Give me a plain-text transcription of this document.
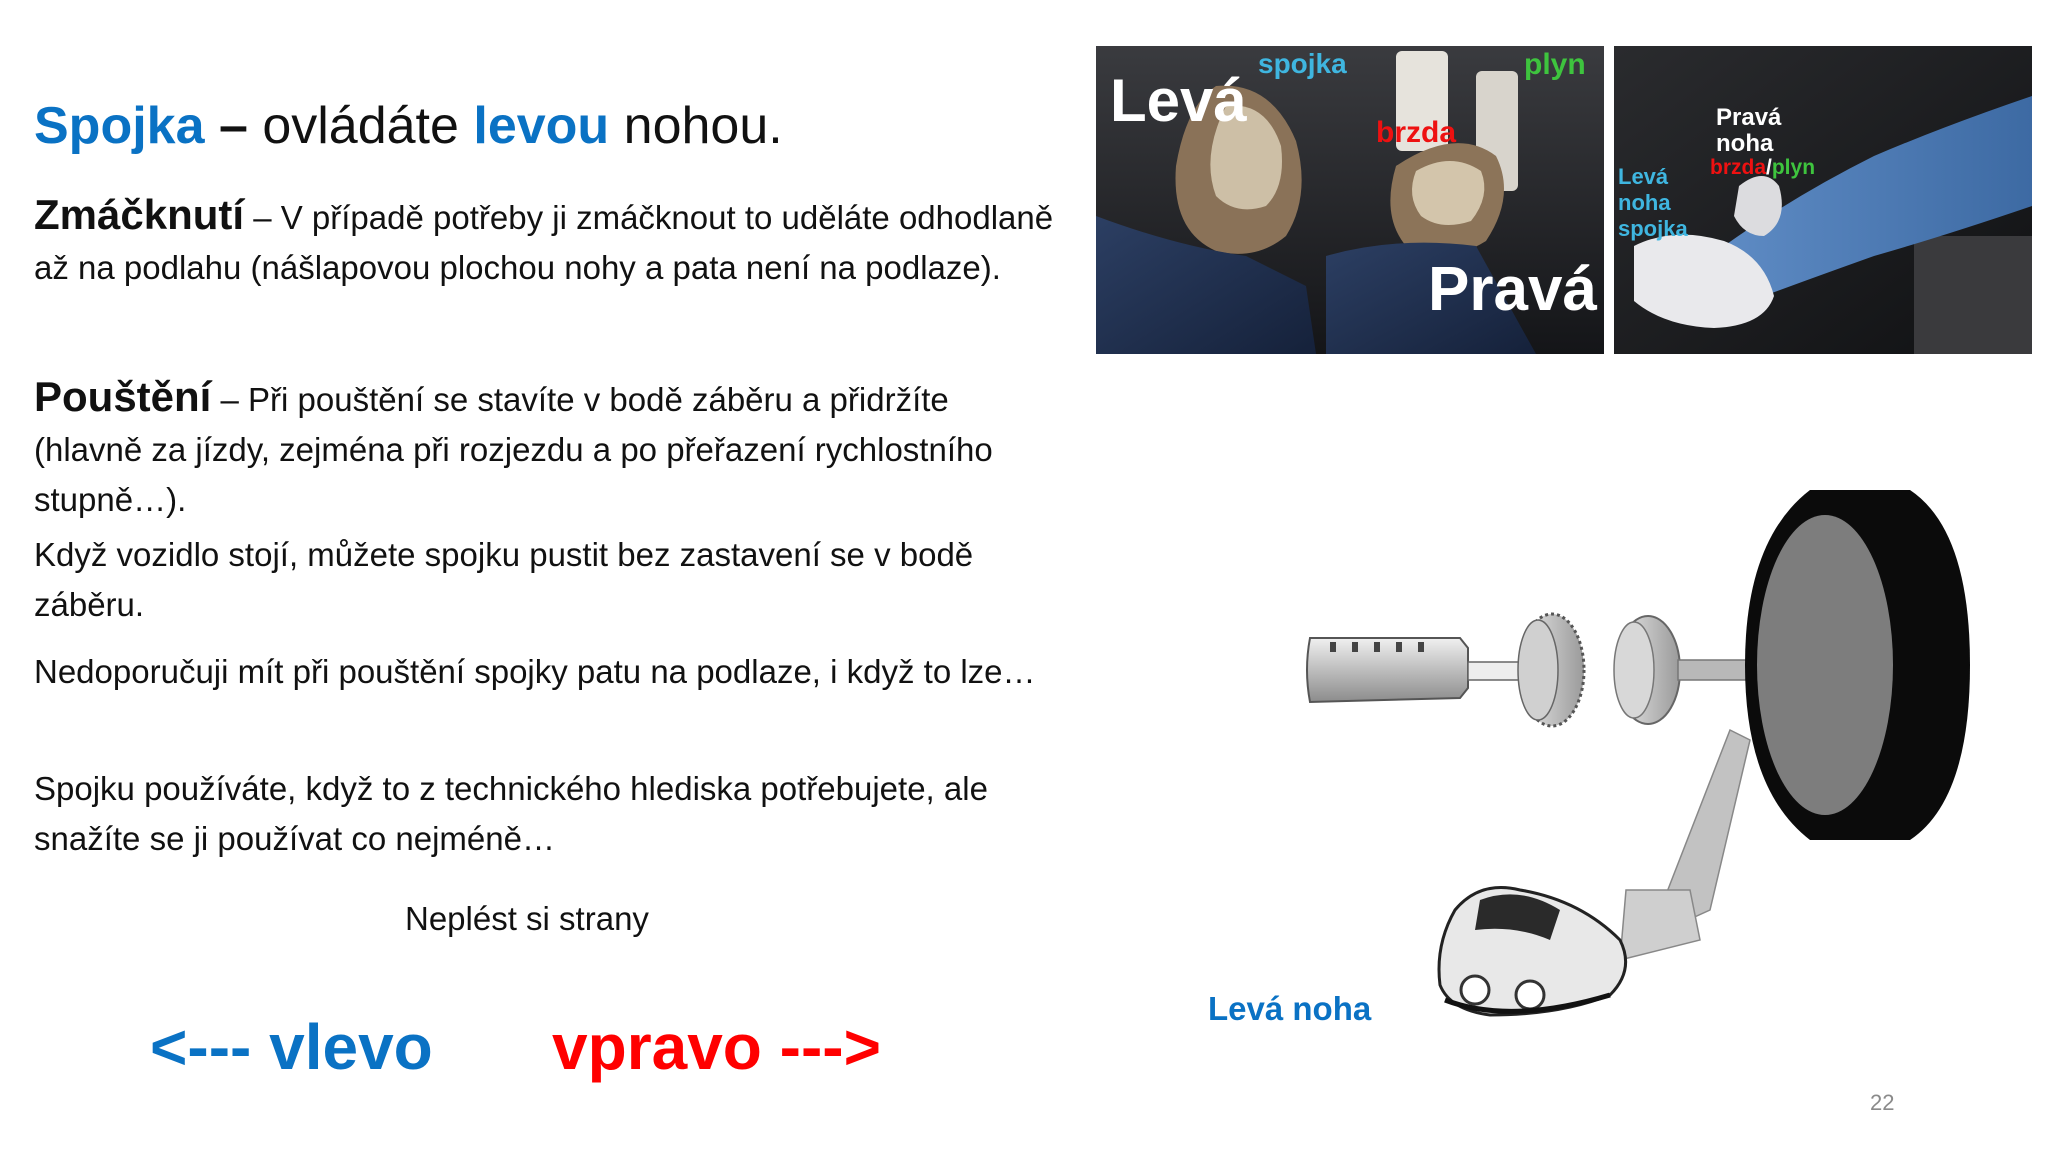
Spojka – ovládáte levou nohou.
Zmáčknutí – V případě potřeby ji zmáčknout to uděláte odhodlaně až na podlahu (nášlapovou plochou nohy a pata není na podlaze).
Pouštění – Při pouštění se stavíte v bodě záběru a přidržíte (hlavně za jízdy, zejména při rozjezdu a po přeřazení rychlostního stupně…).
Když vozidlo stojí, můžete spojku pustit bez zastavení se v bodě záběru.
Nedoporučuji mít při pouštění spojky patu na podlaze, i když to lze…
Spojku používáte, když to z technického hlediska potřebujete, ale snažíte se ji používat co nejméně…
Neplést si strany
<--- vlevo vpravo --->
Levá
spojka	plyn
brzda
Pravá
Pravá
noha
brzda/plyn
Levá
noha
spojka
Levá noha
22
